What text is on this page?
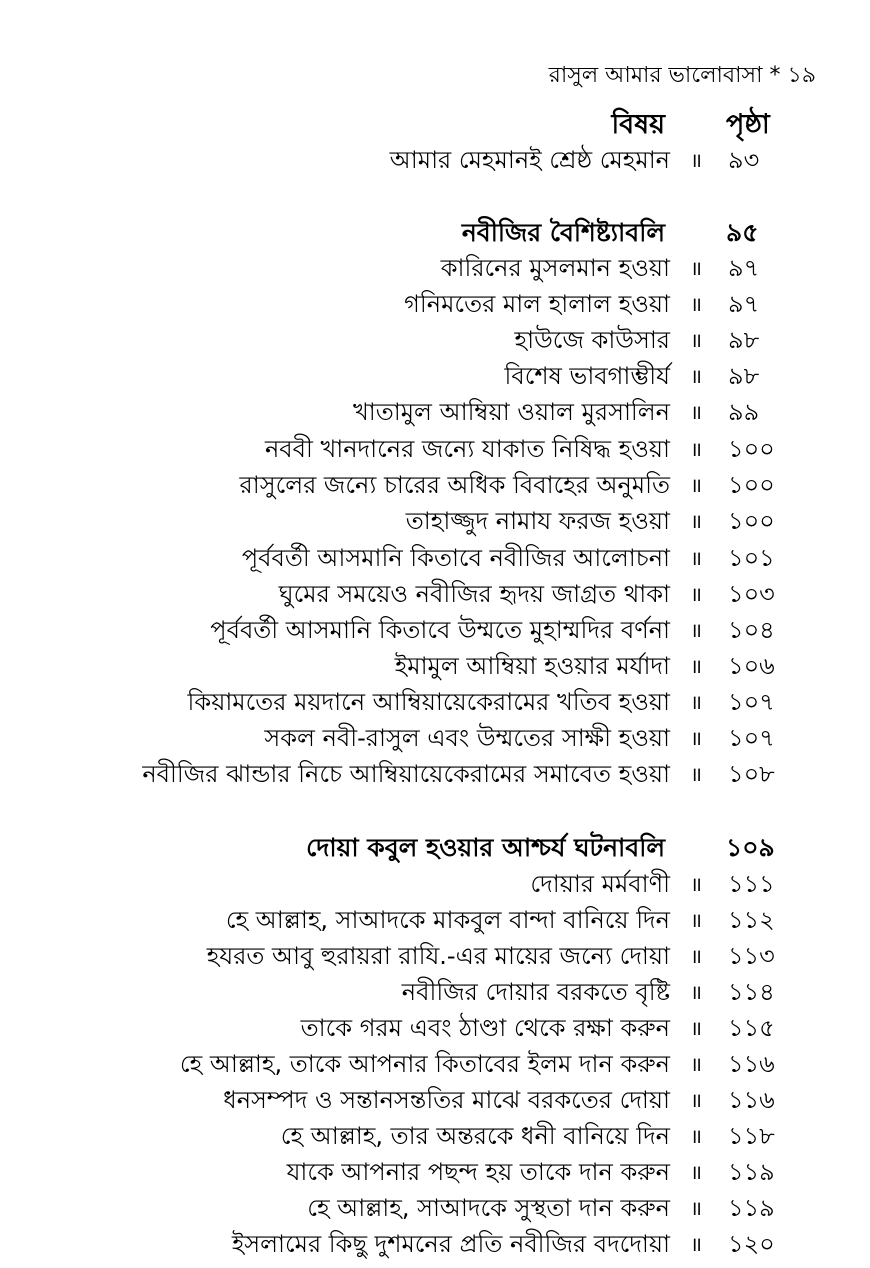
রাসুল আমার ভালোবাসা * ১৯
বিষয় পৃষ্ঠা
আমার মেহমানই শ্রেষ্ঠ মেহমান ॥ ৯৩
নবীজির বৈশিষ্ট্যাবলি ৯৫
কারিনের মুসলমান হওয়া ॥ ৯৭
গনিমতের মাল হালাল হওয়া ॥ ৯৭
হাউজে কাউসার ॥ ৯৮
বিশেষ ভাবগাম্ভীর্য ॥ ৯৮
খাতামুল আম্বিয়া ওয়াল মুরসালিন ॥ ৯৯
নববী খানদানের জন্যে যাকাত নিষিদ্ধ হওয়া ॥ ১০০
রাসুলের জন্যে চারের অধিক বিবাহের অনুমতি ॥ ১০০
তাহাজ্জুদ নামায ফরজ হওয়া ॥ ১০০
পূর্ববর্তী আসমানি কিতাবে নবীজির আলোচনা ॥ ১০১
ঘুমের সময়েও নবীজির হৃদয় জাগ্রত থাকা ॥ ১০৩
পূর্ববর্তী আসমানি কিতাবে উম্মতে মুহাম্মদির বর্ণনা ॥ ১০৪
ইমামুল আম্বিয়া হওয়ার মর্যাদা ॥ ১০৬
কিয়ামতের ময়দানে আম্বিয়ায়েকেরামের খতিব হওয়া ॥ ১০৭
সকল নবী-রাসুল এবং উম্মতের সাক্ষী হওয়া ॥ ১০৭
নবীজির ঝান্ডার নিচে আম্বিয়ায়েকেরামের সমাবেত হওয়া ॥ ১০৮
দোয়া কবুল হওয়ার আশ্চর্য ঘটনাবলি ১০৯
দোয়ার মর্মবাণী ॥ ১১১
হে আল্লাহ, সাআদকে মাকবুল বান্দা বানিয়ে দিন ॥ ১১২
হযরত আবু হুরায়রা রাযি.-এর মায়ের জন্যে দোয়া ॥ ১১৩
নবীজির দোয়ার বরকতে বৃষ্টি ॥ ১১৪
তাকে গরম এবং ঠাণ্ডা থেকে রক্ষা করুন ॥ ১১৫
হে আল্লাহ, তাকে আপনার কিতাবের ইলম দান করুন ॥ ১১৬
ধনসম্পদ ও সন্তানসন্ততির মাঝে বরকতের দোয়া ॥ ১১৬
হে আল্লাহ, তার অন্তরকে ধনী বানিয়ে দিন ॥ ১১৮
যাকে আপনার পছন্দ হয় তাকে দান করুন ॥ ১১৯
হে আল্লাহ, সাআদকে সুস্থতা দান করুন ॥ ১১৯
ইসলামের কিছু দুশমনের প্রতি নবীজির বদদোয়া ॥ ১২০
